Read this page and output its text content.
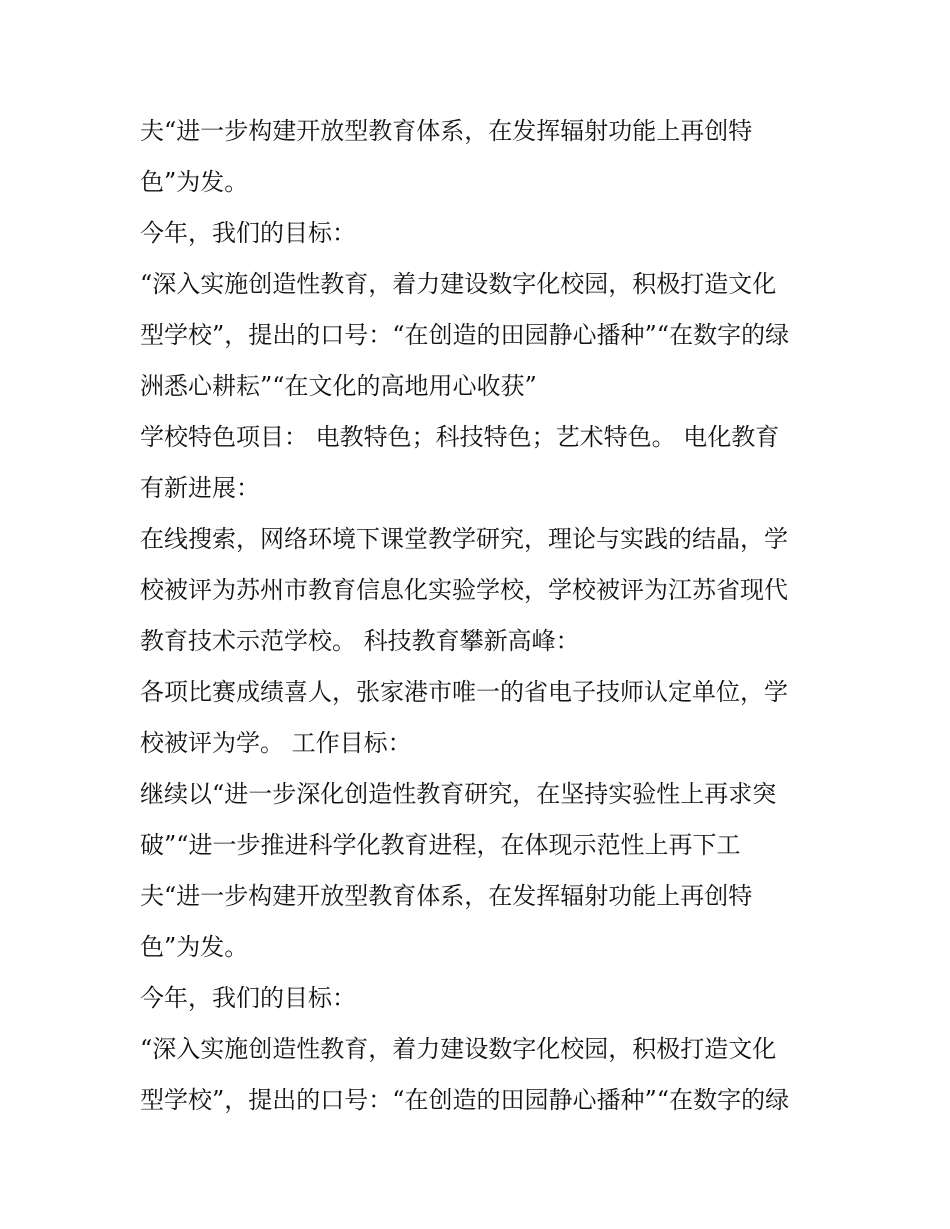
夫“进一步构建开放型教育体系，在发挥辐射功能上再创特
色”为发。
今年，我们的目标：
“深入实施创造性教育，着力建设数字化校园，积极打造文化
型学校”，提出的口号：“在创造的田园静心播种”“在数字的绿
洲悉心耕耘”“在文化的高地用心收获”
学校特色项目： 电教特色；科技特色；艺术特色。 电化教育
有新进展：
在线搜索，网络环境下课堂教学研究，理论与实践的结晶，学
校被评为苏州市教育信息化实验学校，学校被评为江苏省现代
教育技术示范学校。 科技教育攀新高峰：
各项比赛成绩喜人，张家港市唯一的省电子技师认定单位，学
校被评为学。 工作目标：
继续以“进一步深化创造性教育研究，在坚持实验性上再求突
破”“进一步推进科学化教育进程，在体现示范性上再下工
夫“进一步构建开放型教育体系，在发挥辐射功能上再创特
色”为发。
今年，我们的目标：
“深入实施创造性教育，着力建设数字化校园，积极打造文化
型学校”，提出的口号：“在创造的田园静心播种”“在数字的绿
